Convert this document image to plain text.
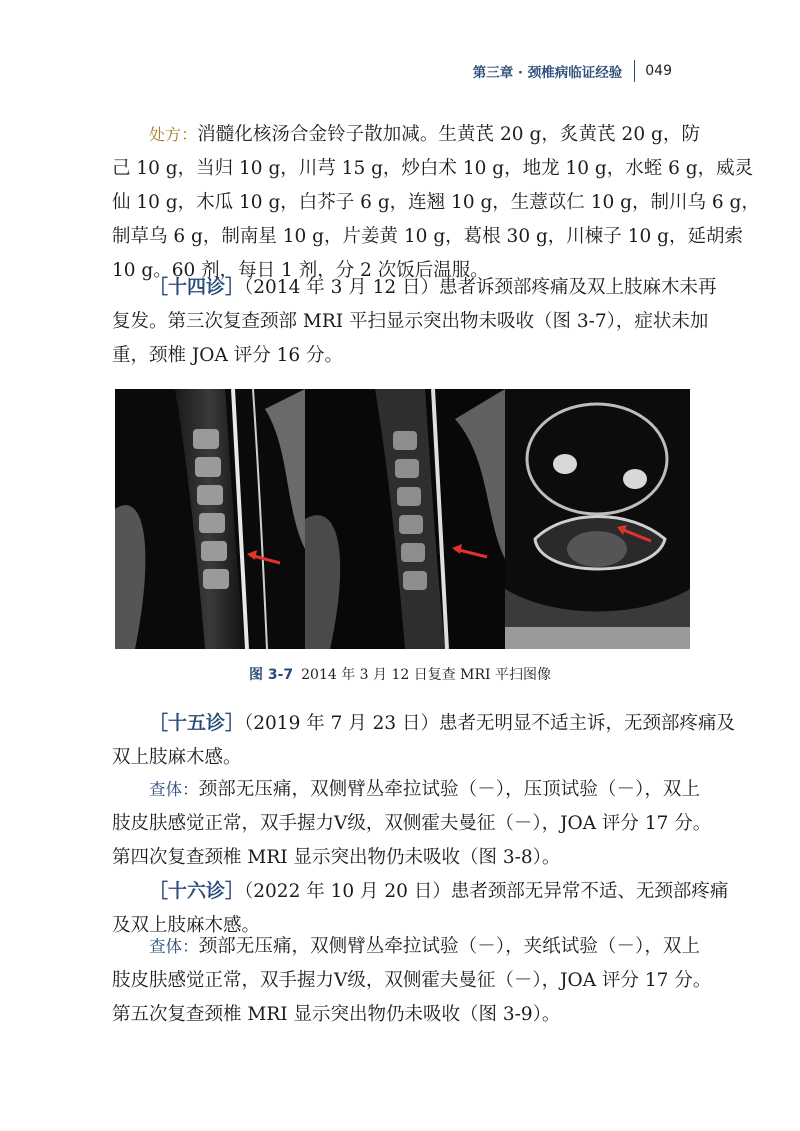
第三章 · 颈椎病临证经验 049
处方：消髓化核汤合金铃子散加减。生黄芪 20 g，炙黄芪 20 g，防
己 10 g，当归 10 g，川芎 15 g，炒白术 10 g，地龙 10 g，水蛭 6 g，威灵
仙 10 g，木瓜 10 g，白芥子 6 g，连翘 10 g，生薏苡仁 10 g，制川乌 6 g，
制草乌 6 g，制南星 10 g，片姜黄 10 g，葛根 30 g，川楝子 10 g，延胡索
10 g。60 剂，每日 1 剂，分 2 次饭后温服。
［十四诊］（2014 年 3 月 12 日）患者诉颈部疼痛及双上肢麻木未再
复发。第三次复查颈部 MRI 平扫显示突出物未吸收（图 3-7），症状未加
重，颈椎 JOA 评分 16 分。
图 3-7 2014 年 3 月 12 日复查 MRI 平扫图像
［十五诊］（2019 年 7 月 23 日）患者无明显不适主诉，无颈部疼痛及
双上肢麻木感。
查体：颈部无压痛，双侧臂丛牵拉试验（－），压顶试验（－），双上
肢皮肤感觉正常，双手握力Ⅴ级，双侧霍夫曼征（－），JOA 评分 17 分。
第四次复查颈椎 MRI 显示突出物仍未吸收（图 3-8）。
［十六诊］（2022 年 10 月 20 日）患者颈部无异常不适、无颈部疼痛
及双上肢麻木感。
查体：颈部无压痛，双侧臂丛牵拉试验（－），夹纸试验（－），双上
肢皮肤感觉正常，双手握力Ⅴ级，双侧霍夫曼征（－），JOA 评分 17 分。
第五次复查颈椎 MRI 显示突出物仍未吸收（图 3-9）。
